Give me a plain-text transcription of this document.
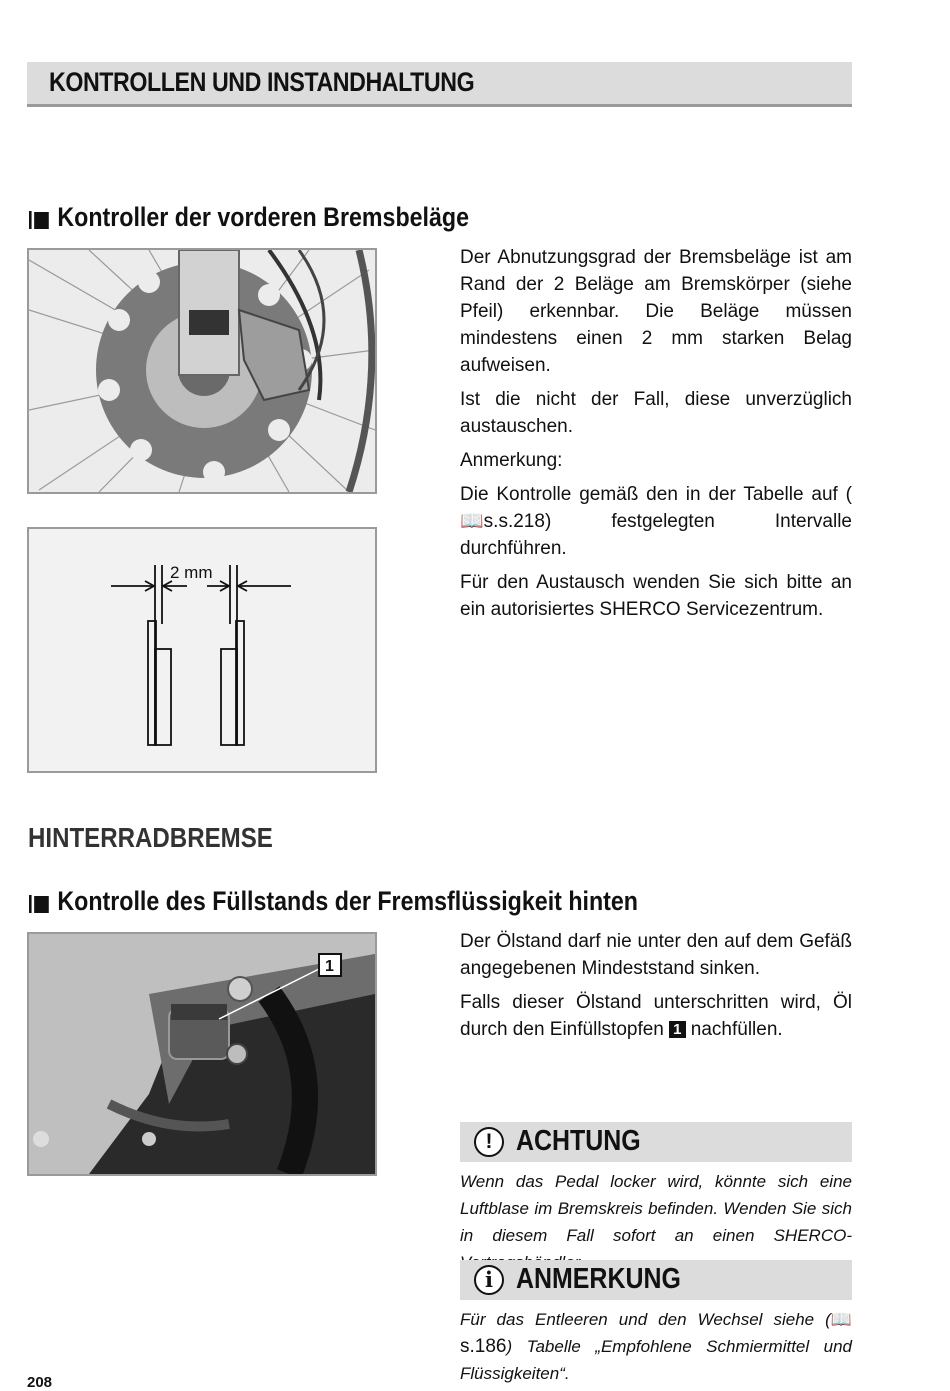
KONTROLLEN UND INSTANDHALTUNG
Kontroller der vorderen Bremsbeläge
2 mm

Der Abnutzungsgrad der Bremsbeläge ist am Rand der 2 Beläge am Bremskörper (siehe Pfeil) erkennbar. Die Beläge müssen mindestens einen 2 mm starken Belag aufweisen.

Ist die nicht der Fall, diese unverzüglich austauschen.

Anmerkung:

Die Kontrolle gemäß den in der Tabelle auf (📖s.s.218) festgelegten Intervalle durchführen.

Für den Austausch wenden Sie sich bitte an ein autorisiertes SHERCO Servicezentrum.

HINTERRADBREMSE
Kontrolle des Füllstands der Fremsflüssigkeit hinten
1

Der Ölstand darf nie unter den auf dem Gefäß angegebenen Mindeststand sinken.

Falls dieser Ölstand unterschritten wird, Öl durch den Einfüllstopfen 1 nachfüllen.

! ACHTUNG
Wenn das Pedal locker wird, könnte sich eine Luftblase im Bremskreis befinden. Wenden Sie sich in diesem Fall sofort an einen SHERCO-
i ANMERKUNG
Für das Entleeren und den Wechsel siehe (📖s.186) Tabelle „Empfohlene Schmiermittel und Flüssigkeiten“.
208
